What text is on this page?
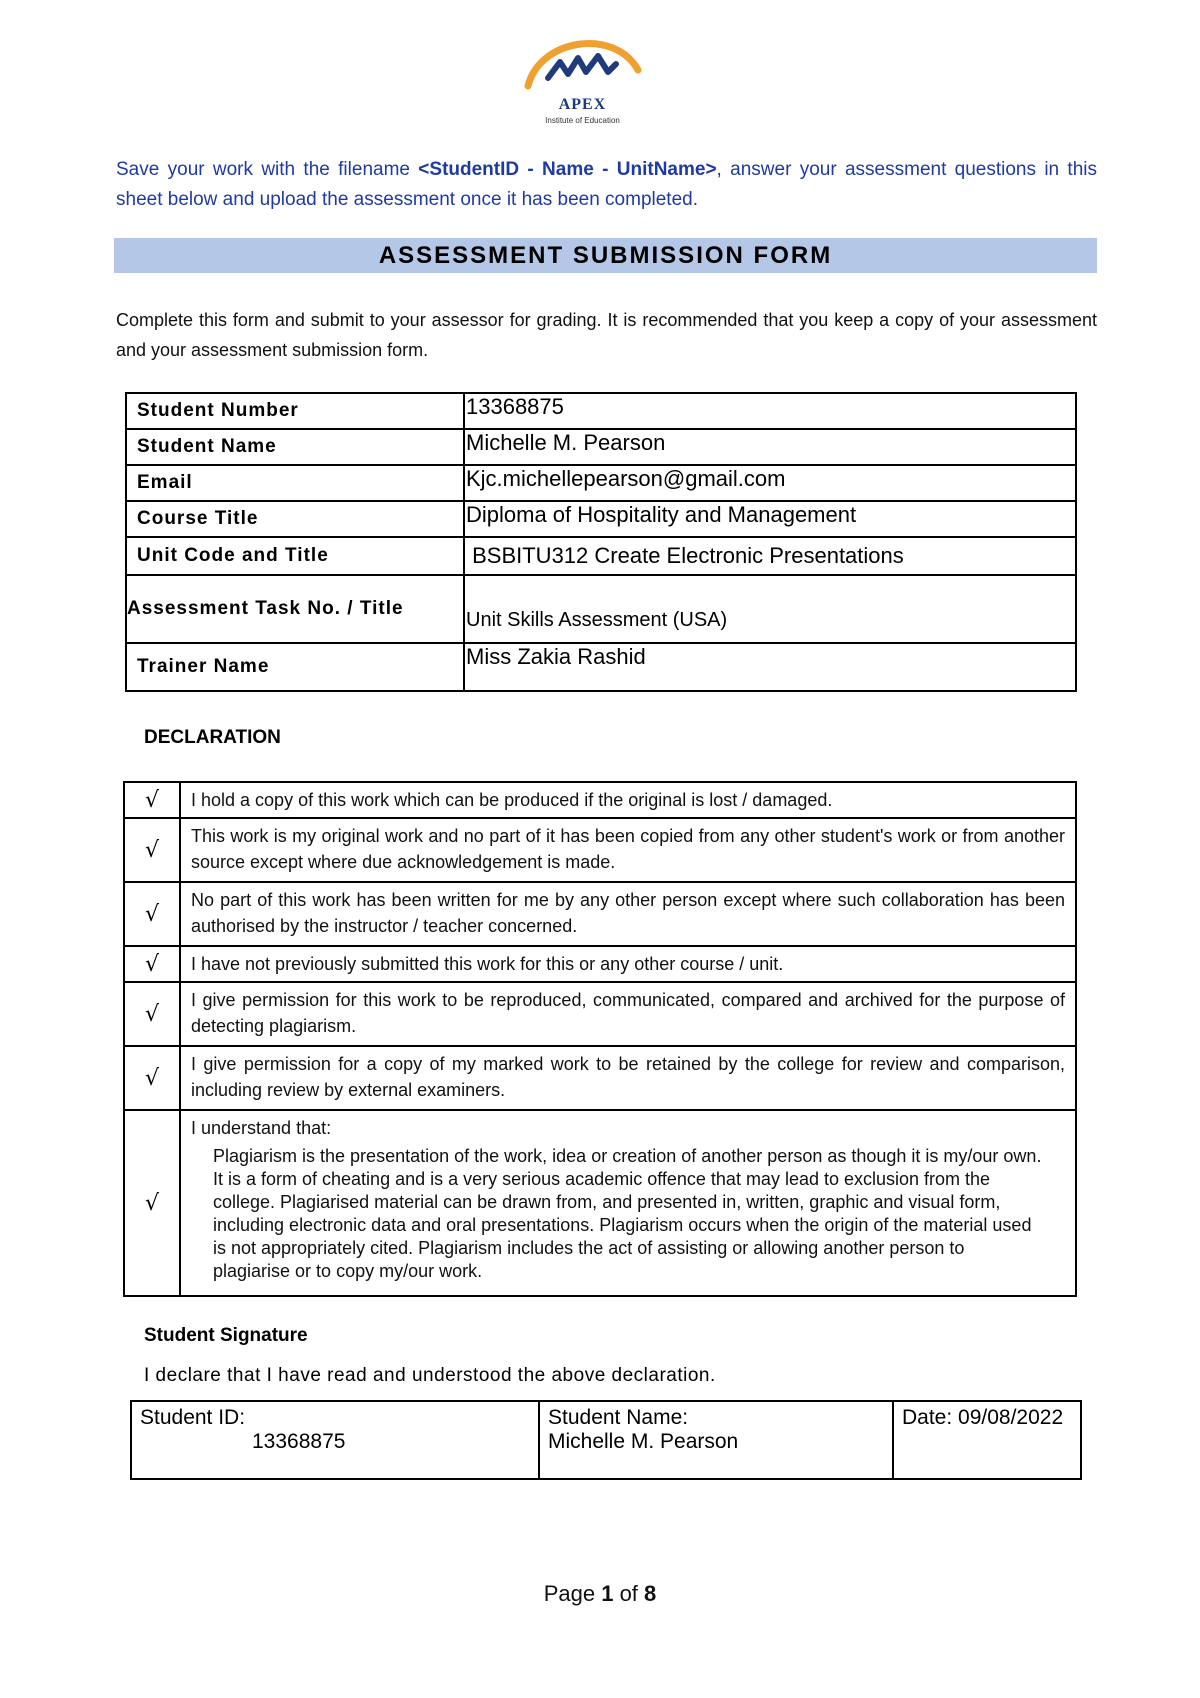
APEX
Institute of Education
Save your work with the filename <StudentID - Name - UnitName>, answer your assessment questions in this sheet below and upload the assessment once it has been completed.
ASSESSMENT SUBMISSION FORM
Complete this form and submit to your assessor for grading. It is recommended that you keep a copy of your assessment and your assessment submission form.
Student Number	13368875
Student Name	Michelle M. Pearson
Email	Kjc.michellepearson@gmail.com
Course Title	Diploma of Hospitality and Management
Unit Code and Title	BSBITU312 Create Electronic Presentations
Assessment Task No. / Title	Unit Skills Assessment (USA)
Trainer Name	Miss Zakia Rashid
DECLARATION
√	I hold a copy of this work which can be produced if the original is lost / damaged.
√	This work is my original work and no part of it has been copied from any other student's work or from another source except where due acknowledgement is made.
√	No part of this work has been written for me by any other person except where such collaboration has been authorised by the instructor / teacher concerned.
√	I have not previously submitted this work for this or any other course / unit.
√	I give permission for this work to be reproduced, communicated, compared and archived for the purpose of detecting plagiarism.
√	I give permission for a copy of my marked work to be retained by the college for review and comparison, including review by external examiners.
√	I understand that:
Plagiarism is the presentation of the work, idea or creation of another person as though it is my/our own. It is a form of cheating and is a very serious academic offence that may lead to exclusion from the college. Plagiarised material can be drawn from, and presented in, written, graphic and visual form, including electronic data and oral presentations. Plagiarism occurs when the origin of the material used is not appropriately cited. Plagiarism includes the act of assisting or allowing another person to plagiarise or to copy my/our work.
Student Signature
I declare that I have read and understood the above declaration.
Student ID:
13368875

Student Name:
Michelle M. Pearson

Date: 09/08/2022
Page 1 of 8
